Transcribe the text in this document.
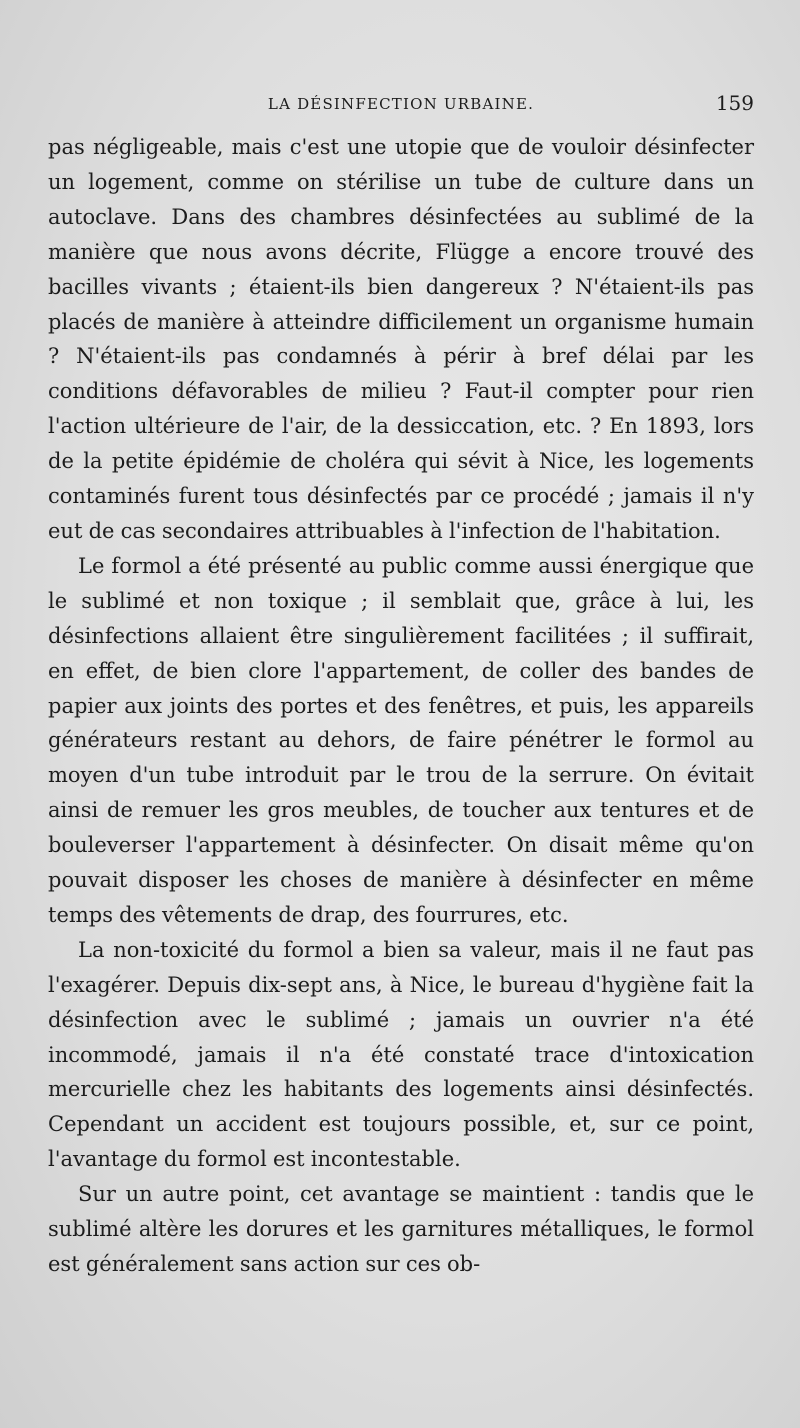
LA DÉSINFECTION URBAINE.	159

pas négligeable, mais c'est une utopie que de vouloir désinfecter un logement, comme on stérilise un tube de culture dans un autoclave. Dans des chambres désinfectées au sublimé de la manière que nous avons décrite, Flügge a encore trouvé des bacilles vivants ; étaient-ils bien dangereux ? N'étaient-ils pas placés de manière à atteindre difficilement un organisme humain ? N'étaient-ils pas condamnés à périr à bref délai par les conditions défavorables de milieu ? Faut-il compter pour rien l'action ultérieure de l'air, de la dessiccation, etc. ? En 1893, lors de la petite épidémie de choléra qui sévit à Nice, les logements contaminés furent tous désinfectés par ce procédé ; jamais il n'y eut de cas secondaires attribuables à l'infection de l'habitation.

Le formol a été présenté au public comme aussi énergique que le sublimé et non toxique ; il semblait que, grâce à lui, les désinfections allaient être singulièrement facilitées ; il suffirait, en effet, de bien clore l'appartement, de coller des bandes de papier aux joints des portes et des fenêtres, et puis, les appareils générateurs restant au dehors, de faire pénétrer le formol au moyen d'un tube introduit par le trou de la serrure. On évitait ainsi de remuer les gros meubles, de toucher aux tentures et de bouleverser l'appartement à désinfecter. On disait même qu'on pouvait disposer les choses de manière à désinfecter en même temps des vêtements de drap, des fourrures, etc.

La non-toxicité du formol a bien sa valeur, mais il ne faut pas l'exagérer. Depuis dix-sept ans, à Nice, le bureau d'hygiène fait la désinfection avec le sublimé ; jamais un ouvrier n'a été incommodé, jamais il n'a été constaté trace d'intoxication mercurielle chez les habitants des logements ainsi désinfectés. Cependant un accident est toujours possible, et, sur ce point, l'avantage du formol est incontestable.

Sur un autre point, cet avantage se maintient : tandis que le sublimé altère les dorures et les garnitures métalliques, le formol est généralement sans action sur ces ob-
